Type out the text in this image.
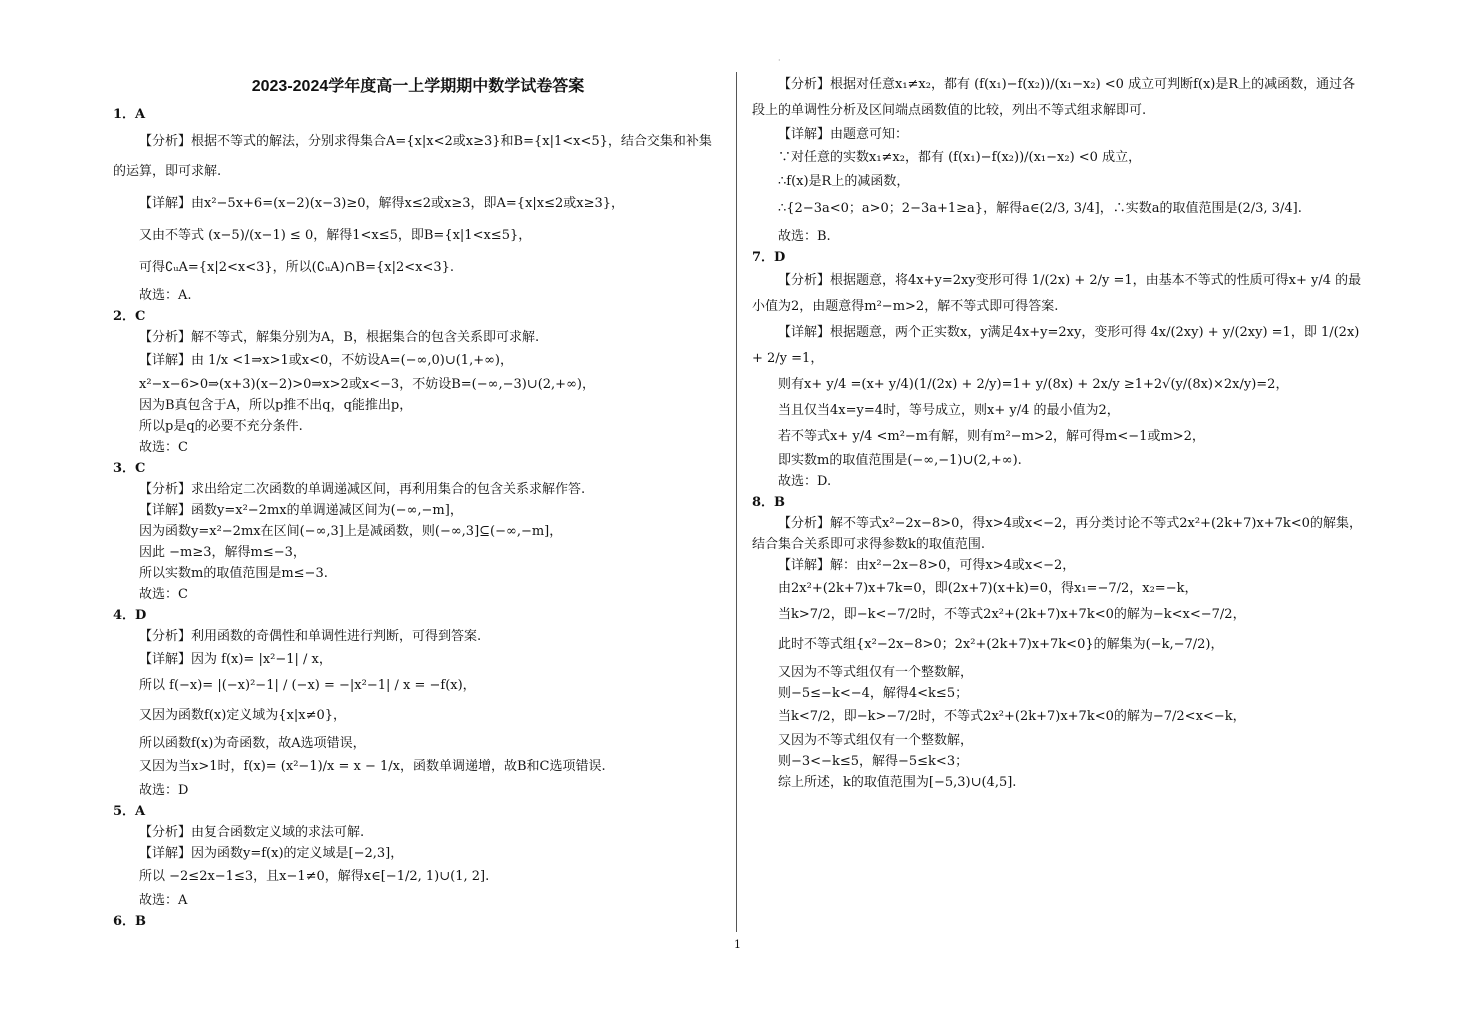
·
2023-2024学年度高一上学期期中数学试卷答案
1．A
【分析】根据不等式的解法，分别求得集合A={x|x<2或x≥3}和B={x|1<x<5}，结合交集和补集的运算，即可求解.
【详解】由x²−5x+6=(x−2)(x−3)≥0，解得x≤2或x≥3，即A={x|x≤2或x≥3}，
又由不等式 (x−5)/(x−1) ≤ 0，解得1<x≤5，即B={x|1<x≤5}，
可得∁ᵤA={x|2<x<3}，所以(∁ᵤA)∩B={x|2<x<3}.
故选：A.
2．C
【分析】解不等式，解集分别为A，B，根据集合的包含关系即可求解.
【详解】由 1/x <1⇒x>1或x<0，不妨设A=(−∞,0)∪(1,+∞)，
x²−x−6>0⇒(x+3)(x−2)>0⇒x>2或x<−3，不妨设B=(−∞,−3)∪(2,+∞)，
因为B真包含于A，所以p推不出q，q能推出p，
所以p是q的必要不充分条件.
故选：C
3．C
【分析】求出给定二次函数的单调递减区间，再利用集合的包含关系求解作答.
【详解】函数y=x²−2mx的单调递减区间为(−∞,−m]，
因为函数y=x²−2mx在区间(−∞,3]上是减函数，则(−∞,3]⊆(−∞,−m]，
因此 −m≥3，解得m≤−3，
所以实数m的取值范围是m≤−3.
故选：C
4．D
【分析】利用函数的奇偶性和单调性进行判断，可得到答案.
【详解】因为 f(x)= |x²−1| / x，
所以 f(−x)= |(−x)²−1| / (−x) = −|x²−1| / x = −f(x)，
又因为函数f(x)定义域为{x|x≠0}，
所以函数f(x)为奇函数，故A选项错误，
又因为当x>1时，f(x)= (x²−1)/x = x − 1/x，函数单调递增，故B和C选项错误.
故选：D
5．A
【分析】由复合函数定义域的求法可解.
【详解】因为函数y=f(x)的定义域是[−2,3]，
所以 −2≤2x−1≤3，且x−1≠0，解得x∈[−1/2, 1)∪(1, 2].
故选：A
6．B
【分析】根据对任意x₁≠x₂，都有 (f(x₁)−f(x₂))/(x₁−x₂) <0 成立可判断f(x)是R上的减函数，通过各段上的单调性分析及区间端点函数值的比较，列出不等式组求解即可.
【详解】由题意可知：
∵对任意的实数x₁≠x₂，都有 (f(x₁)−f(x₂))/(x₁−x₂) <0 成立，
∴f(x)是R上的减函数，
∴{2−3a<0；a>0；2−3a+1≥a}，解得a∈(2/3, 3/4]，∴实数a的取值范围是(2/3, 3/4].
故选：B.
7．D
【分析】根据题意，将4x+y=2xy变形可得 1/(2x) + 2/y =1，由基本不等式的性质可得x+ y/4 的最小值为2，由题意得m²−m>2，解不等式即可得答案.
【详解】根据题意，两个正实数x，y满足4x+y=2xy，变形可得 4x/(2xy) + y/(2xy) =1，即 1/(2x) + 2/y =1，
则有x+ y/4 =(x+ y/4)(1/(2x) + 2/y)=1+ y/(8x) + 2x/y ≥1+2√(y/(8x)×2x/y)=2，
当且仅当4x=y=4时，等号成立，则x+ y/4 的最小值为2，
若不等式x+ y/4 <m²−m有解，则有m²−m>2，解可得m<−1或m>2，
即实数m的取值范围是(−∞,−1)∪(2,+∞).
故选：D.
8．B
【分析】解不等式x²−2x−8>0，得x>4或x<−2，再分类讨论不等式2x²+(2k+7)x+7k<0的解集，结合集合关系即可求得参数k的取值范围.
【详解】解：由x²−2x−8>0，可得x>4或x<−2，
由2x²+(2k+7)x+7k=0，即(2x+7)(x+k)=0，得x₁=−7/2，x₂=−k，
当k>7/2，即−k<−7/2时，不等式2x²+(2k+7)x+7k<0的解为−k<x<−7/2，
此时不等式组{x²−2x−8>0；2x²+(2k+7)x+7k<0}的解集为(−k,−7/2)，
又因为不等式组仅有一个整数解，
则−5≤−k<−4，解得4<k≤5；
当k<7/2，即−k>−7/2时，不等式2x²+(2k+7)x+7k<0的解为−7/2<x<−k，
又因为不等式组仅有一个整数解，
则−3<−k≤5，解得−5≤k<3；
综上所述，k的取值范围为[−5,3)∪(4,5].
1
